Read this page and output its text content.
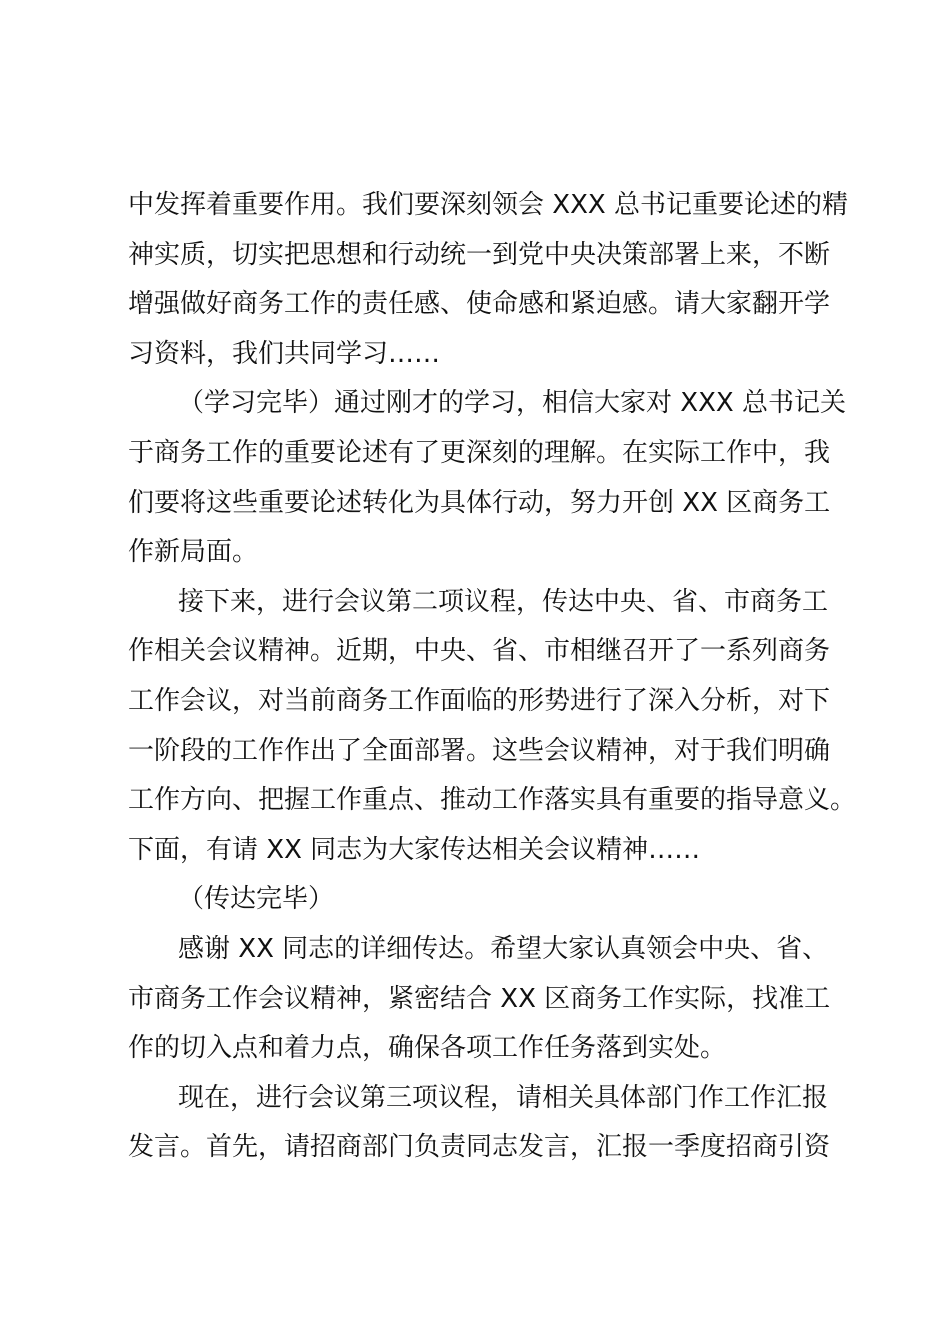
中发挥着重要作用。我们要深刻领会 XXX 总书记重要论述的精
神实质，切实把思想和行动统一到党中央决策部署上来，不断
增强做好商务工作的责任感、使命感和紧迫感。请大家翻开学
习资料，我们共同学习……
（学习完毕）通过刚才的学习，相信大家对 XXX 总书记关
于商务工作的重要论述有了更深刻的理解。在实际工作中，我
们要将这些重要论述转化为具体行动，努力开创 XX 区商务工
作新局面。
接下来，进行会议第二项议程，传达中央、省、市商务工
作相关会议精神。近期，中央、省、市相继召开了一系列商务
工作会议，对当前商务工作面临的形势进行了深入分析，对下
一阶段的工作作出了全面部署。这些会议精神，对于我们明确
工作方向、把握工作重点、推动工作落实具有重要的指导意义。
下面，有请 XX 同志为大家传达相关会议精神……
（传达完毕）
感谢 XX 同志的详细传达。希望大家认真领会中央、省、
市商务工作会议精神，紧密结合 XX 区商务工作实际，找准工
作的切入点和着力点，确保各项工作任务落到实处。
现在，进行会议第三项议程，请相关具体部门作工作汇报
发言。首先，请招商部门负责同志发言，汇报一季度招商引资
